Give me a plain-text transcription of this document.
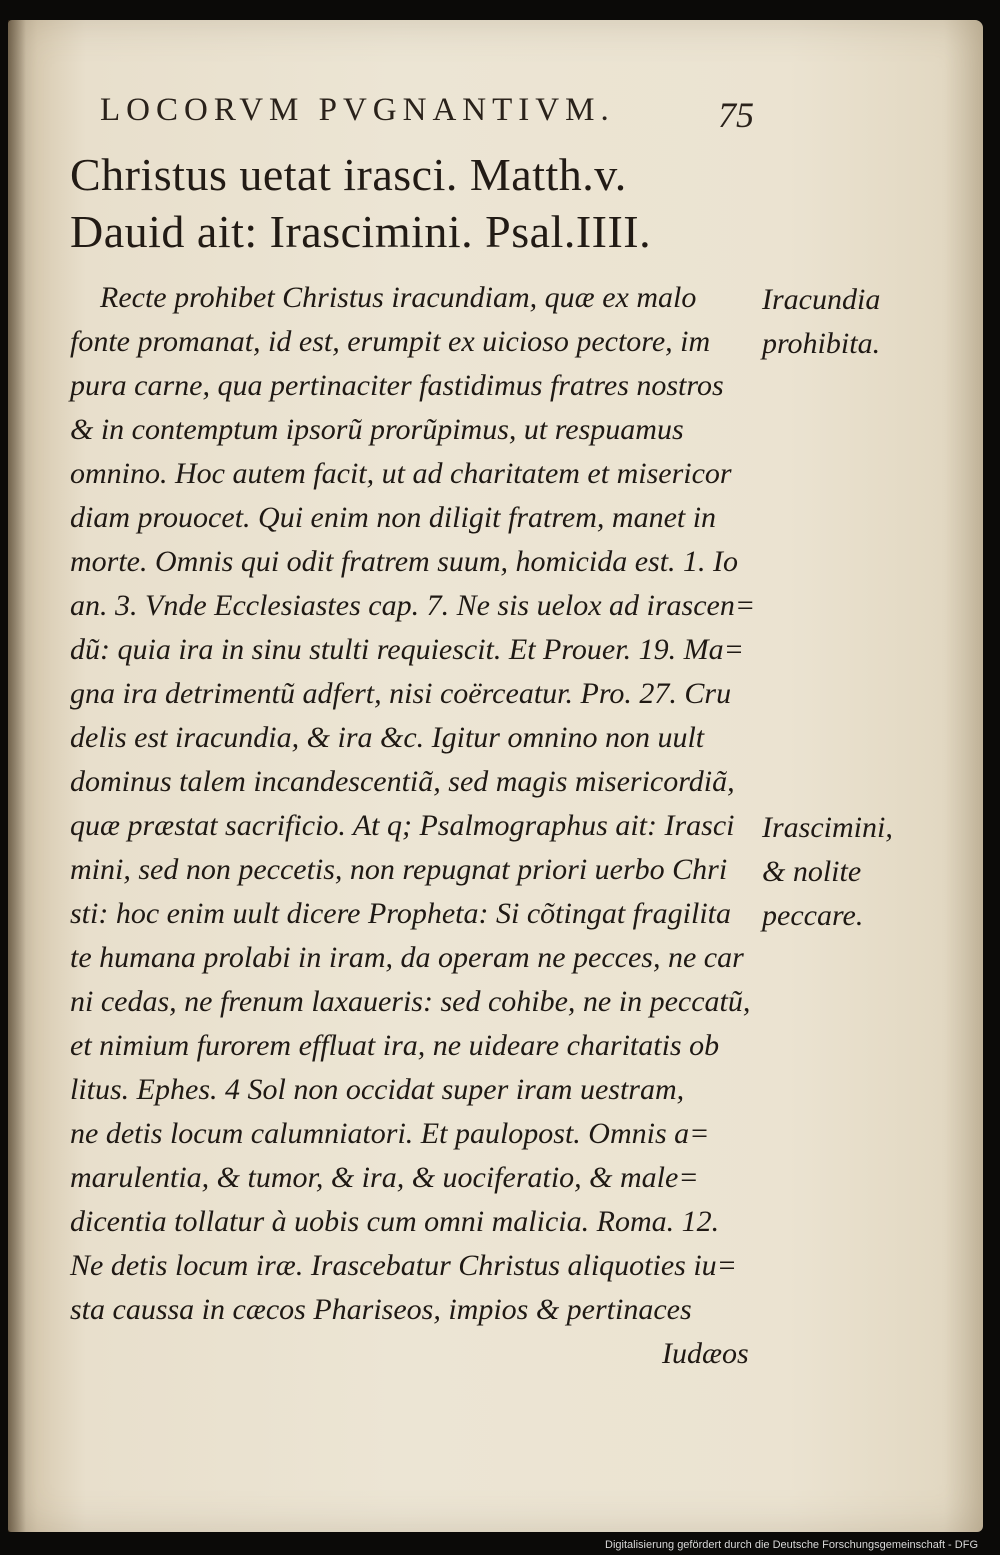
LOCORVM PVGNANTIVM.	75
Christus uetat irasci. Matth.v.
Dauid ait: Irascimini. Psal.IIII.
Recte prohibet Christus iracundiam, quæ ex malo
fonte promanat, id est, erumpit ex uicioso pectore, im
pura carne, qua pertinaciter fastidimus fratres nostros
& in contemptum ipsorũ prorũpimus, ut respuamus
omnino. Hoc autem facit, ut ad charitatem et misericor
diam prouocet. Qui enim non diligit fratrem, manet in
morte. Omnis qui odit fratrem suum, homicida est. 1. Io
an. 3. Vnde Ecclesiastes cap. 7. Ne sis uelox ad irascen=
dũ: quia ira in sinu stulti requiescit. Et Prouer. 19. Ma=
gna ira detrimentũ adfert, nisi coërceatur. Pro. 27. Cru
delis est iracundia, & ira &c. Igitur omnino non uult
dominus talem incandescentiã, sed magis misericordiã,
quæ præstat sacrificio. At q; Psalmographus ait: Irasci
mini, sed non peccetis, non repugnat priori uerbo Chri
sti: hoc enim uult dicere Propheta: Si cõtingat fragilita
te humana prolabi in iram, da operam ne pecces, ne car
ni cedas, ne frenum laxaueris: sed cohibe, ne in peccatũ,
et nimium furorem effluat ira, ne uideare charitatis ob
litus. Ephes. 4 Sol non occidat super iram uestram,
ne detis locum calumniatori. Et paulopost. Omnis a=
marulentia, & tumor, & ira, & uociferatio, & male=
dicentia tollatur à uobis cum omni malicia. Roma. 12.
Ne detis locum iræ. Irascebatur Christus aliquoties iu=
sta caussa in cæcos Phariseos, impios & pertinaces
Iudæos
Iracundia
prohibita.
Irascimini,
& nolite
peccare.
Digitalisierung gefördert durch die Deutsche Forschungsgemeinschaft - DFG
